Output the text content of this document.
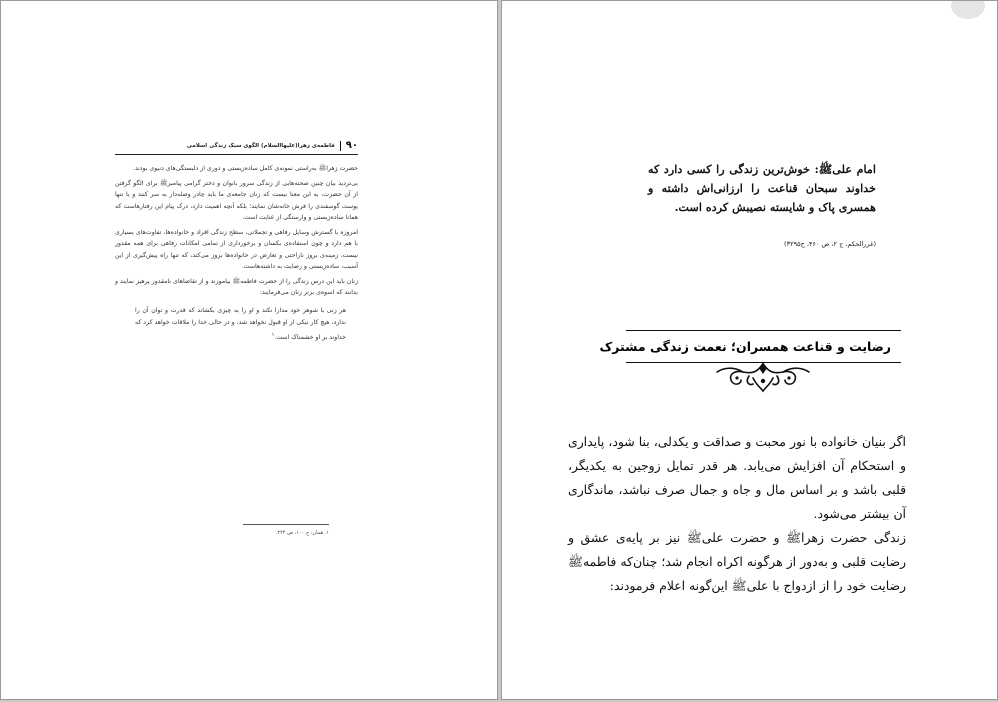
۹۰
فاطمه‌ی زهرا(علیهاالسلام) الگوی سبک زندگی اسلامی

حضرت زهراﷺ به‌راستی نمونه‌ی کامل ساده‌زیستی و دوری از دلبستگی‌های دنیوی بودند.

بی‌تردید بیان چنین صحنه‌هایی از زندگی سرور بانوان و دختر گرامی پیامبرﷺ برای الگو گرفتن از آن حضرت، به این معنا نیست که زنان جامعه‌ی ما باید چادر وصله‌دار به سر کنند و یا تنها پوست گوسفندی را فرش خانه‌شان نمایند؛ بلکه آنچه اهمیت دارد، درک پیام این رفتارهاست که همانا ساده‌زیستی و وارستگی از عنایت است.

امروزه با گسترش وسایل رفاهی و تجملاتی، سطح زندگی افراد و خانواده‌ها، تفاوت‌های بسیاری با هم دارد و چون استفاده‌ی یکسان و برخورداری از تمامی امکانات رفاهی برای همه مقدور نیست، زمینه‌ی بروز ناراحتی و تعارض در خانواده‌ها بروز می‌کند، که تنها راه پیش‌گیری از این آسیب، ساده‌زیستی و رضایت به داشته‌هاست.

زنان باید این درس زندگی را از حضرت فاطمهﷺ بیاموزند و از تقاضاهای نامقدور پرهیز نمایند و بدانند که اسوه‌ی برتر زنان می‌فرمایند:

هر زنی با شوهر خود مدارا نکند و او را به چیزی بکشاند که قدرت و توان آن را ندارد، هیچ کار نیکی از او قبول نخواهد شد، و در حالی خدا را ملاقات خواهد کرد که خداوند بر او خشمناک است.$^۱$

۱. همان، ج ۱۰۰، ص ۲۴۴.
امام علیﷺ: خوش‌ترین زندگی را کسی دارد که خداوند سبحان قناعت را ارزانی‌اش داشته و همسری پاک و شایسته نصیبش کرده است.
(غررالحکم، ج ۲، ص ۴۶۰، ح۳۲۹۵)
رضایت و قناعت همسران؛ نعمت زندگی مشترک

اگر بنیان خانواده با نور محبت و صداقت و یکدلی، بنا شود، پایداری و استحکام آن افزایش می‌یابد. هر قدر تمایل زوجین به یکدیگر، قلبی باشد و بر اساس مال و جاه و جمال صرف نباشد، ماندگاری آن بیشتر می‌شود.

زندگی حضرت زهراﷺ و حضرت علیﷺ نیز بر پایه‌ی عشق و رضایت قلبی و به‌دور از هرگونه اکراه انجام شد؛ چنان‌که فاطمهﷺ رضایت خود را از ازدواج با علیﷺ این‌گونه اعلام فرمودند:
